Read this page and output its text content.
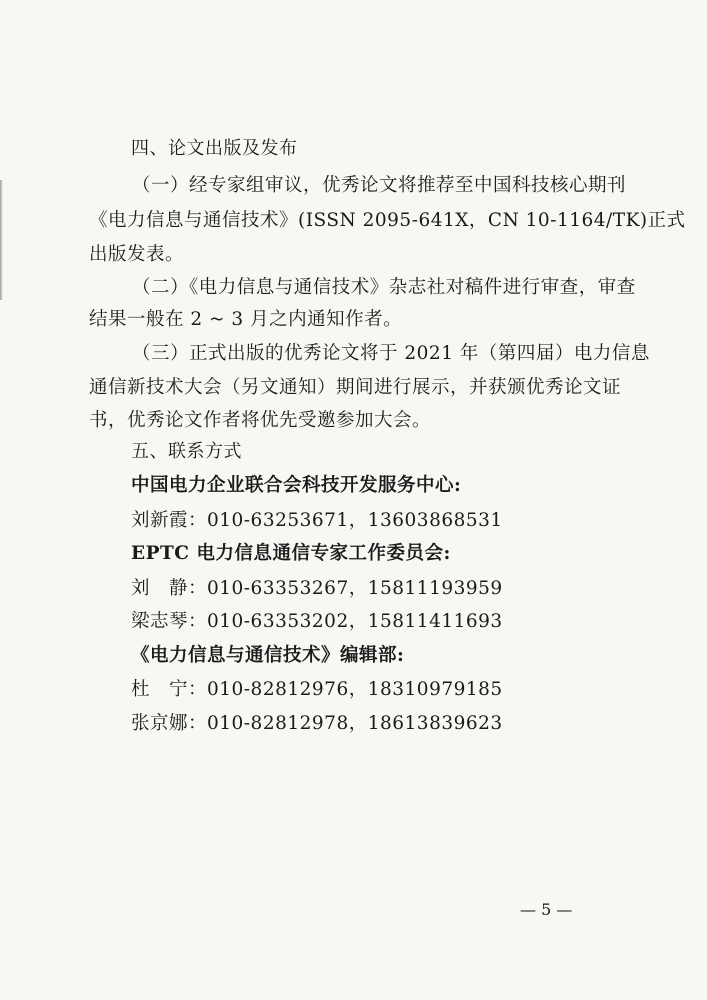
四、论文出版及发布
（一）经专家组审议，优秀论文将推荐至中国科技核心期刊
《电力信息与通信技术》(ISSN 2095-641X，CN 10-1164/TK)正式
出版发表。
（二）《电力信息与通信技术》杂志社对稿件进行审查，审查
结果一般在 2 ~ 3 月之内通知作者。
（三）正式出版的优秀论文将于 2021 年（第四届）电力信息
通信新技术大会（另文通知）期间进行展示，并获颁优秀论文证
书，优秀论文作者将优先受邀参加大会。
五、联系方式
中国电力企业联合会科技开发服务中心:
刘新霞：010-63253671，13603868531
EPTC 电力信息通信专家工作委员会:
刘　静：010-63353267，15811193959
梁志琴：010-63353202，15811411693
《电力信息与通信技术》编辑部:
杜　宁：010-82812976，18310979185
张京娜：010-82812978，18613839623
— 5 —
